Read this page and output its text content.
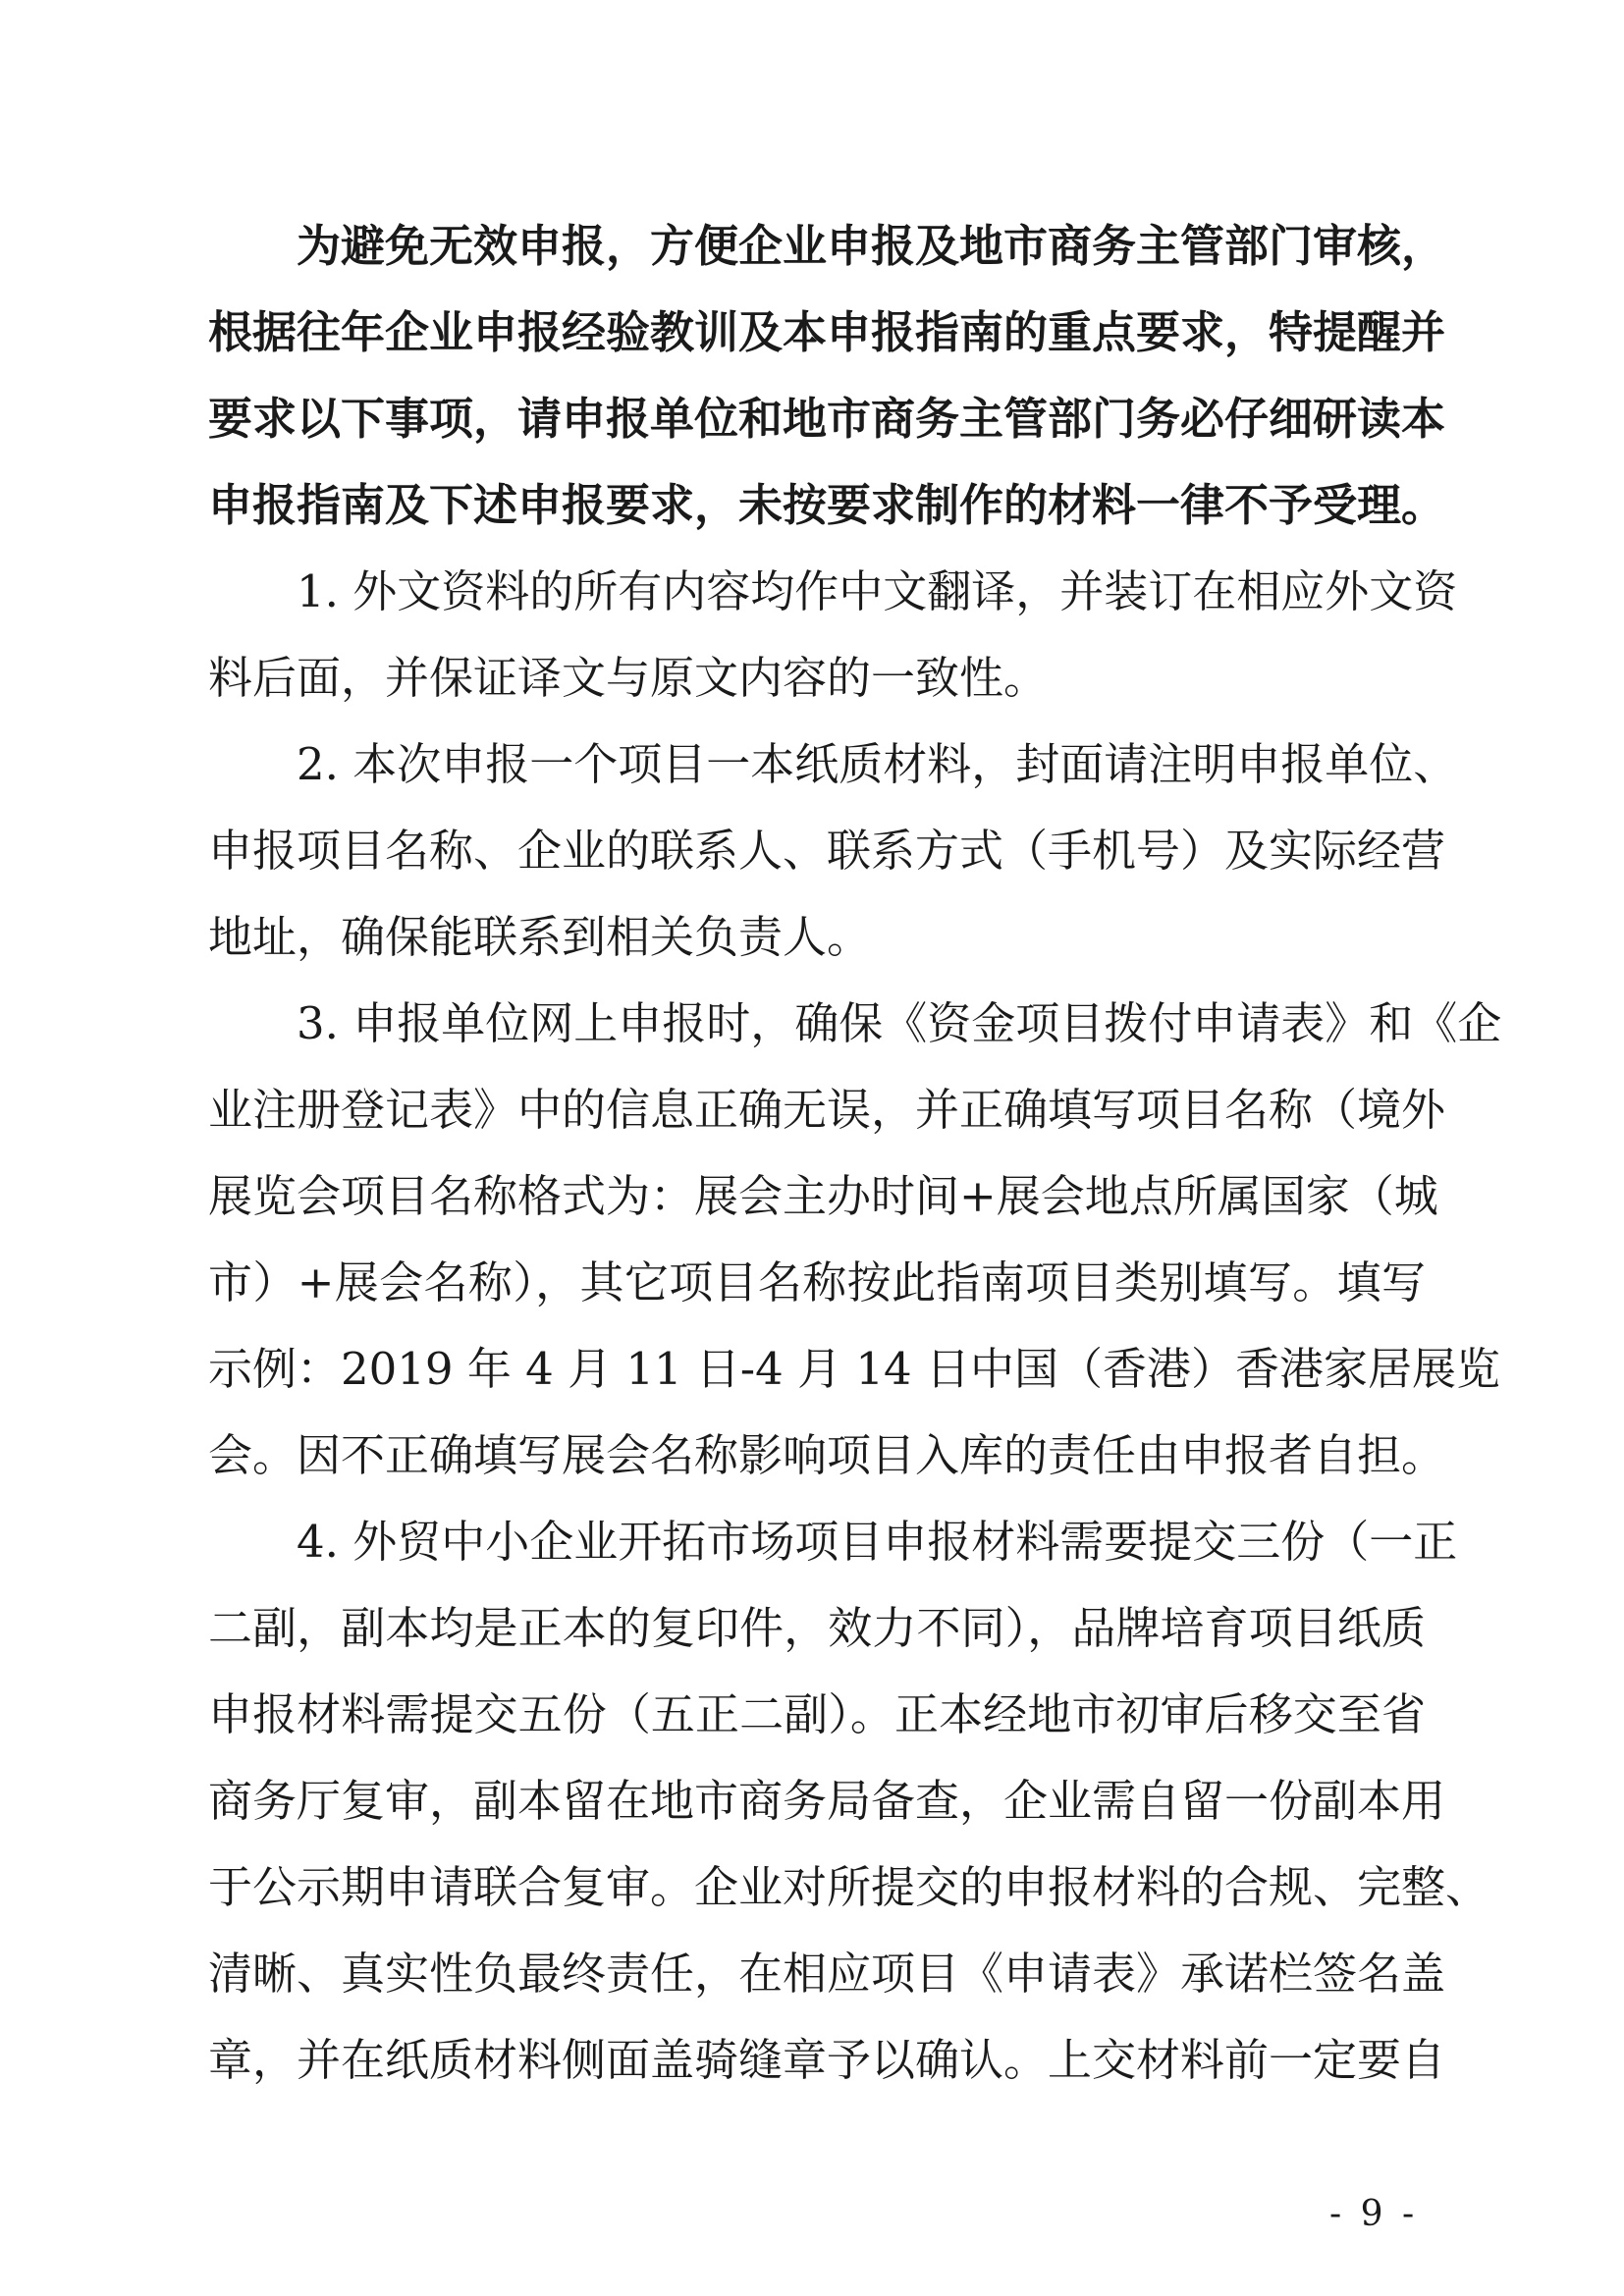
为避免无效申报，方便企业申报及地市商务主管部门审核，
根据往年企业申报经验教训及本申报指南的重点要求，特提醒并
要求以下事项，请申报单位和地市商务主管部门务必仔细研读本
申报指南及下述申报要求，未按要求制作的材料一律不予受理。
1. 外文资料的所有内容均作中文翻译，并装订在相应外文资
料后面，并保证译文与原文内容的一致性。
2. 本次申报一个项目一本纸质材料，封面请注明申报单位、
申报项目名称、企业的联系人、联系方式（手机号）及实际经营
地址，确保能联系到相关负责人。
3. 申报单位网上申报时，确保《资金项目拨付申请表》和《企
业注册登记表》中的信息正确无误，并正确填写项目名称（境外
展览会项目名称格式为：展会主办时间+展会地点所属国家（城
市）+展会名称），其它项目名称按此指南项目类别填写。填写
示例：2019 年 4 月 11 日-4 月 14 日中国（香港）香港家居展览
会。因不正确填写展会名称影响项目入库的责任由申报者自担。
4. 外贸中小企业开拓市场项目申报材料需要提交三份（一正
二副，副本均是正本的复印件，效力不同），品牌培育项目纸质
申报材料需提交五份（五正二副）。正本经地市初审后移交至省
商务厅复审，副本留在地市商务局备查，企业需自留一份副本用
于公示期申请联合复审。企业对所提交的申报材料的合规、完整、
清晰、真实性负最终责任，在相应项目《申请表》承诺栏签名盖
章，并在纸质材料侧面盖骑缝章予以确认。上交材料前一定要自
- 9 -
